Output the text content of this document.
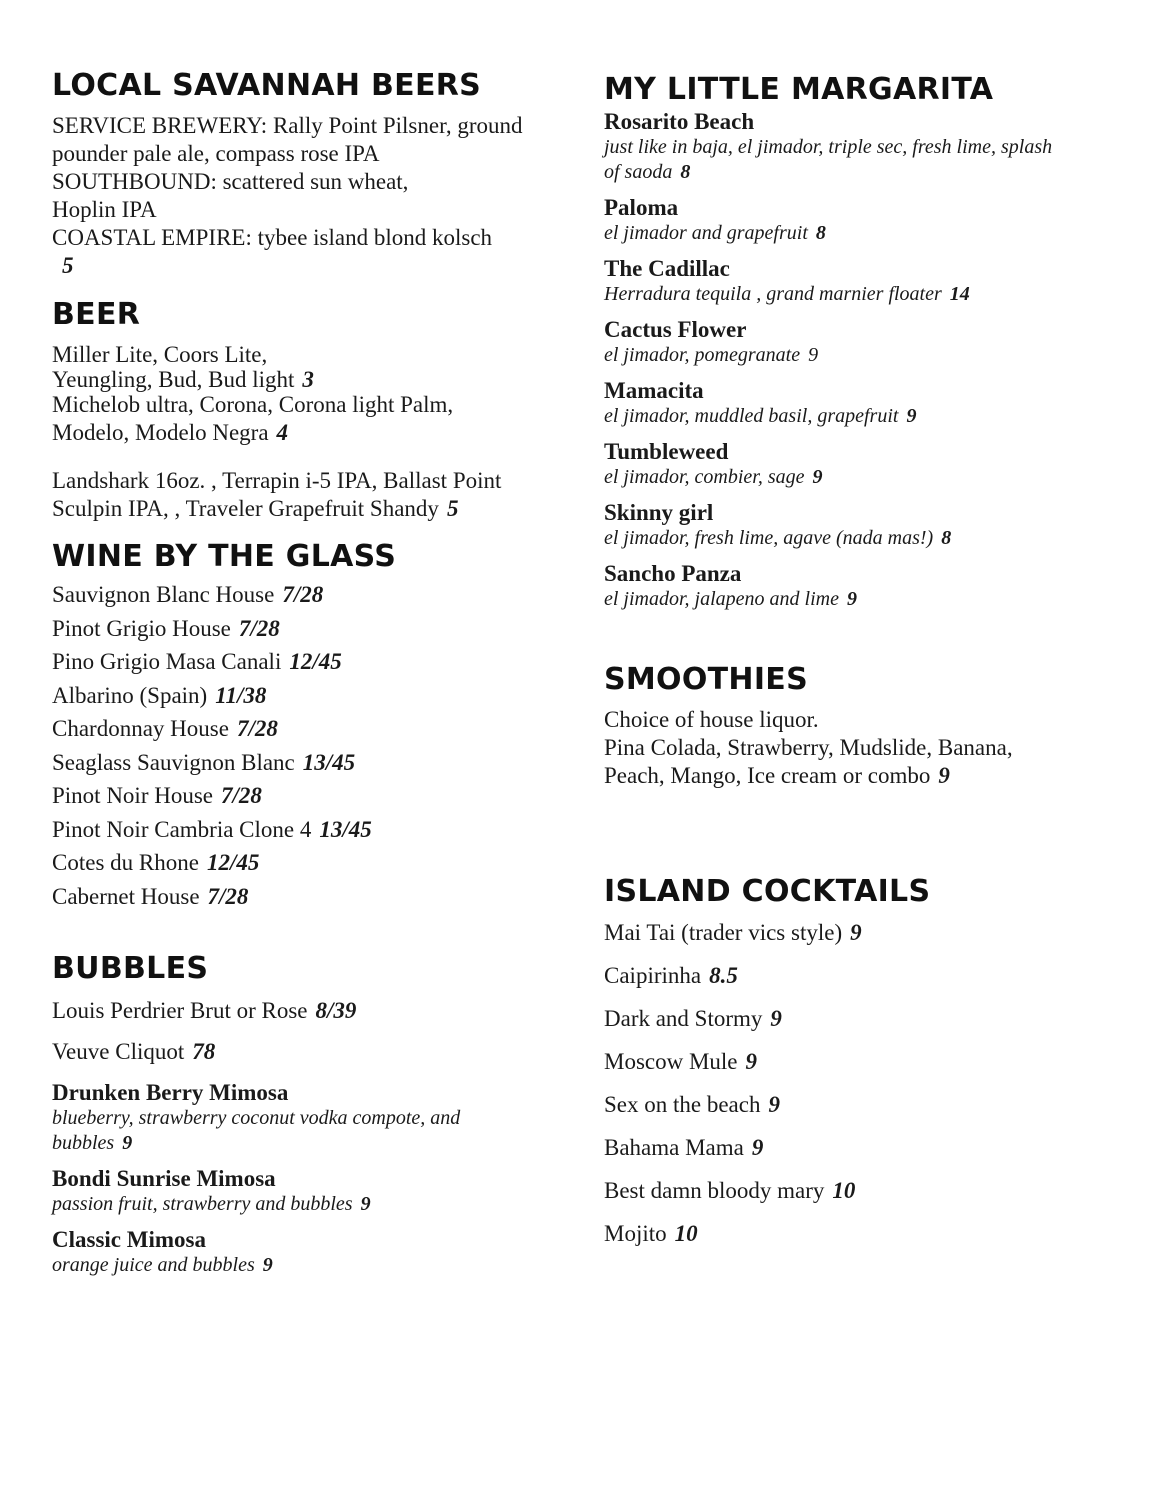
LOCAL SAVANNAH BEERS
SERVICE BREWERY: Rally Point Pilsner, ground
pounder pale ale, compass rose IPA
SOUTHBOUND: scattered sun wheat,
Hoplin IPA
COASTAL EMPIRE: tybee island blond kolsch
5
BEER
Miller Lite, Coors Lite,
Yeungling, Bud, Bud light 3
Michelob ultra, Corona, Corona light Palm,
Modelo, Modelo Negra 4
Landshark 16oz. , Terrapin i-5 IPA, Ballast Point
Sculpin IPA, , Traveler Grapefruit Shandy 5
WINE BY THE GLASS
Sauvignon Blanc House 7/28
Pinot Grigio House 7/28
Pino Grigio Masa Canali 12/45
Albarino (Spain) 11/38
Chardonnay House 7/28
Seaglass Sauvignon Blanc 13/45
Pinot Noir House 7/28
Pinot Noir Cambria Clone 4 13/45
Cotes du Rhone 12/45
Cabernet House 7/28
BUBBLES
Louis Perdrier Brut or Rose 8/39
Veuve Cliquot 78
Drunken Berry Mimosa
blueberry, strawberry coconut vodka compote, and
bubbles 9
Bondi Sunrise Mimosa
passion fruit, strawberry and bubbles 9
Classic Mimosa
orange juice and bubbles 9
MY LITTLE MARGARITA
Rosarito Beach
just like in baja, el jimador, triple sec, fresh lime, splash
of saoda 8
Paloma
el jimador and grapefruit 8
The Cadillac
Herradura tequila , grand marnier floater 14
Cactus Flower
el jimador, pomegranate 9
Mamacita
el jimador, muddled basil, grapefruit 9
Tumbleweed
el jimador, combier, sage 9
Skinny girl
el jimador, fresh lime, agave (nada mas!) 8
Sancho Panza
el jimador, jalapeno and lime 9
SMOOTHIES
Choice of house liquor.
Pina Colada, Strawberry, Mudslide, Banana,
Peach, Mango, Ice cream or combo 9
ISLAND COCKTAILS
Mai Tai (trader vics style) 9
Caipirinha 8.5
Dark and Stormy 9
Moscow Mule 9
Sex on the beach 9
Bahama Mama 9
Best damn bloody mary 10
Mojito 10
